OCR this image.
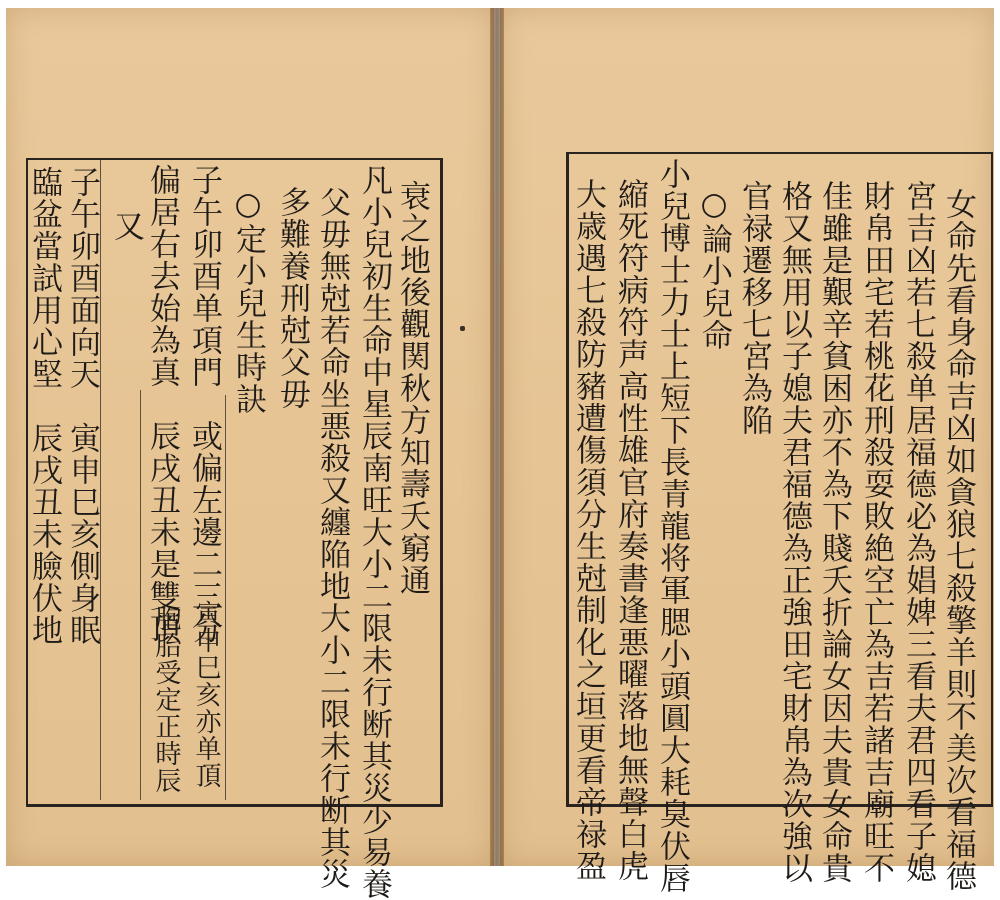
衰之地後觀関秋方知壽夭窮通
凡小兒初生命中星辰南旺大小二限未行断其災少易養
父毋無尅若命坐悪殺又纏陥地大小二限未行断其災
多難養刑尅父毋
○定小兒生時訣
子午卯酉单項門　或偏左邊二三分
偏居右去始為真　辰戌丑未是雙頂
又
子午卯酉面向天　寅申巳亥側身眠
臨盆當試用心堅　辰戌丑未臉伏地
寅申巳亥亦单頂
胞胎受定正時辰	女命先看身命吉凶如貪狼七殺擎羊則不美次看福德
宮吉凶若七殺单居福德必為娼婢三看夫君四看子媳
財帛田宅若桃花刑殺耍敗絶空亡為吉若諸吉廟旺不
佳雖是艱辛貧困亦不為下賤夭折論女因夫貴女命貴
格又無用以子媳夫君福德為正強田宅財帛為次強以
官禄遷移七宮為陥
○論小兒命
小兒博士力士上短下長青龍将軍腮小頭圓大耗臭伏唇
縮死符病符声高性雄官府奏書逢悪曜落地無聲白虎
大歳遇七殺防豬遭傷須分生尅制化之垣更看帝禄盈
